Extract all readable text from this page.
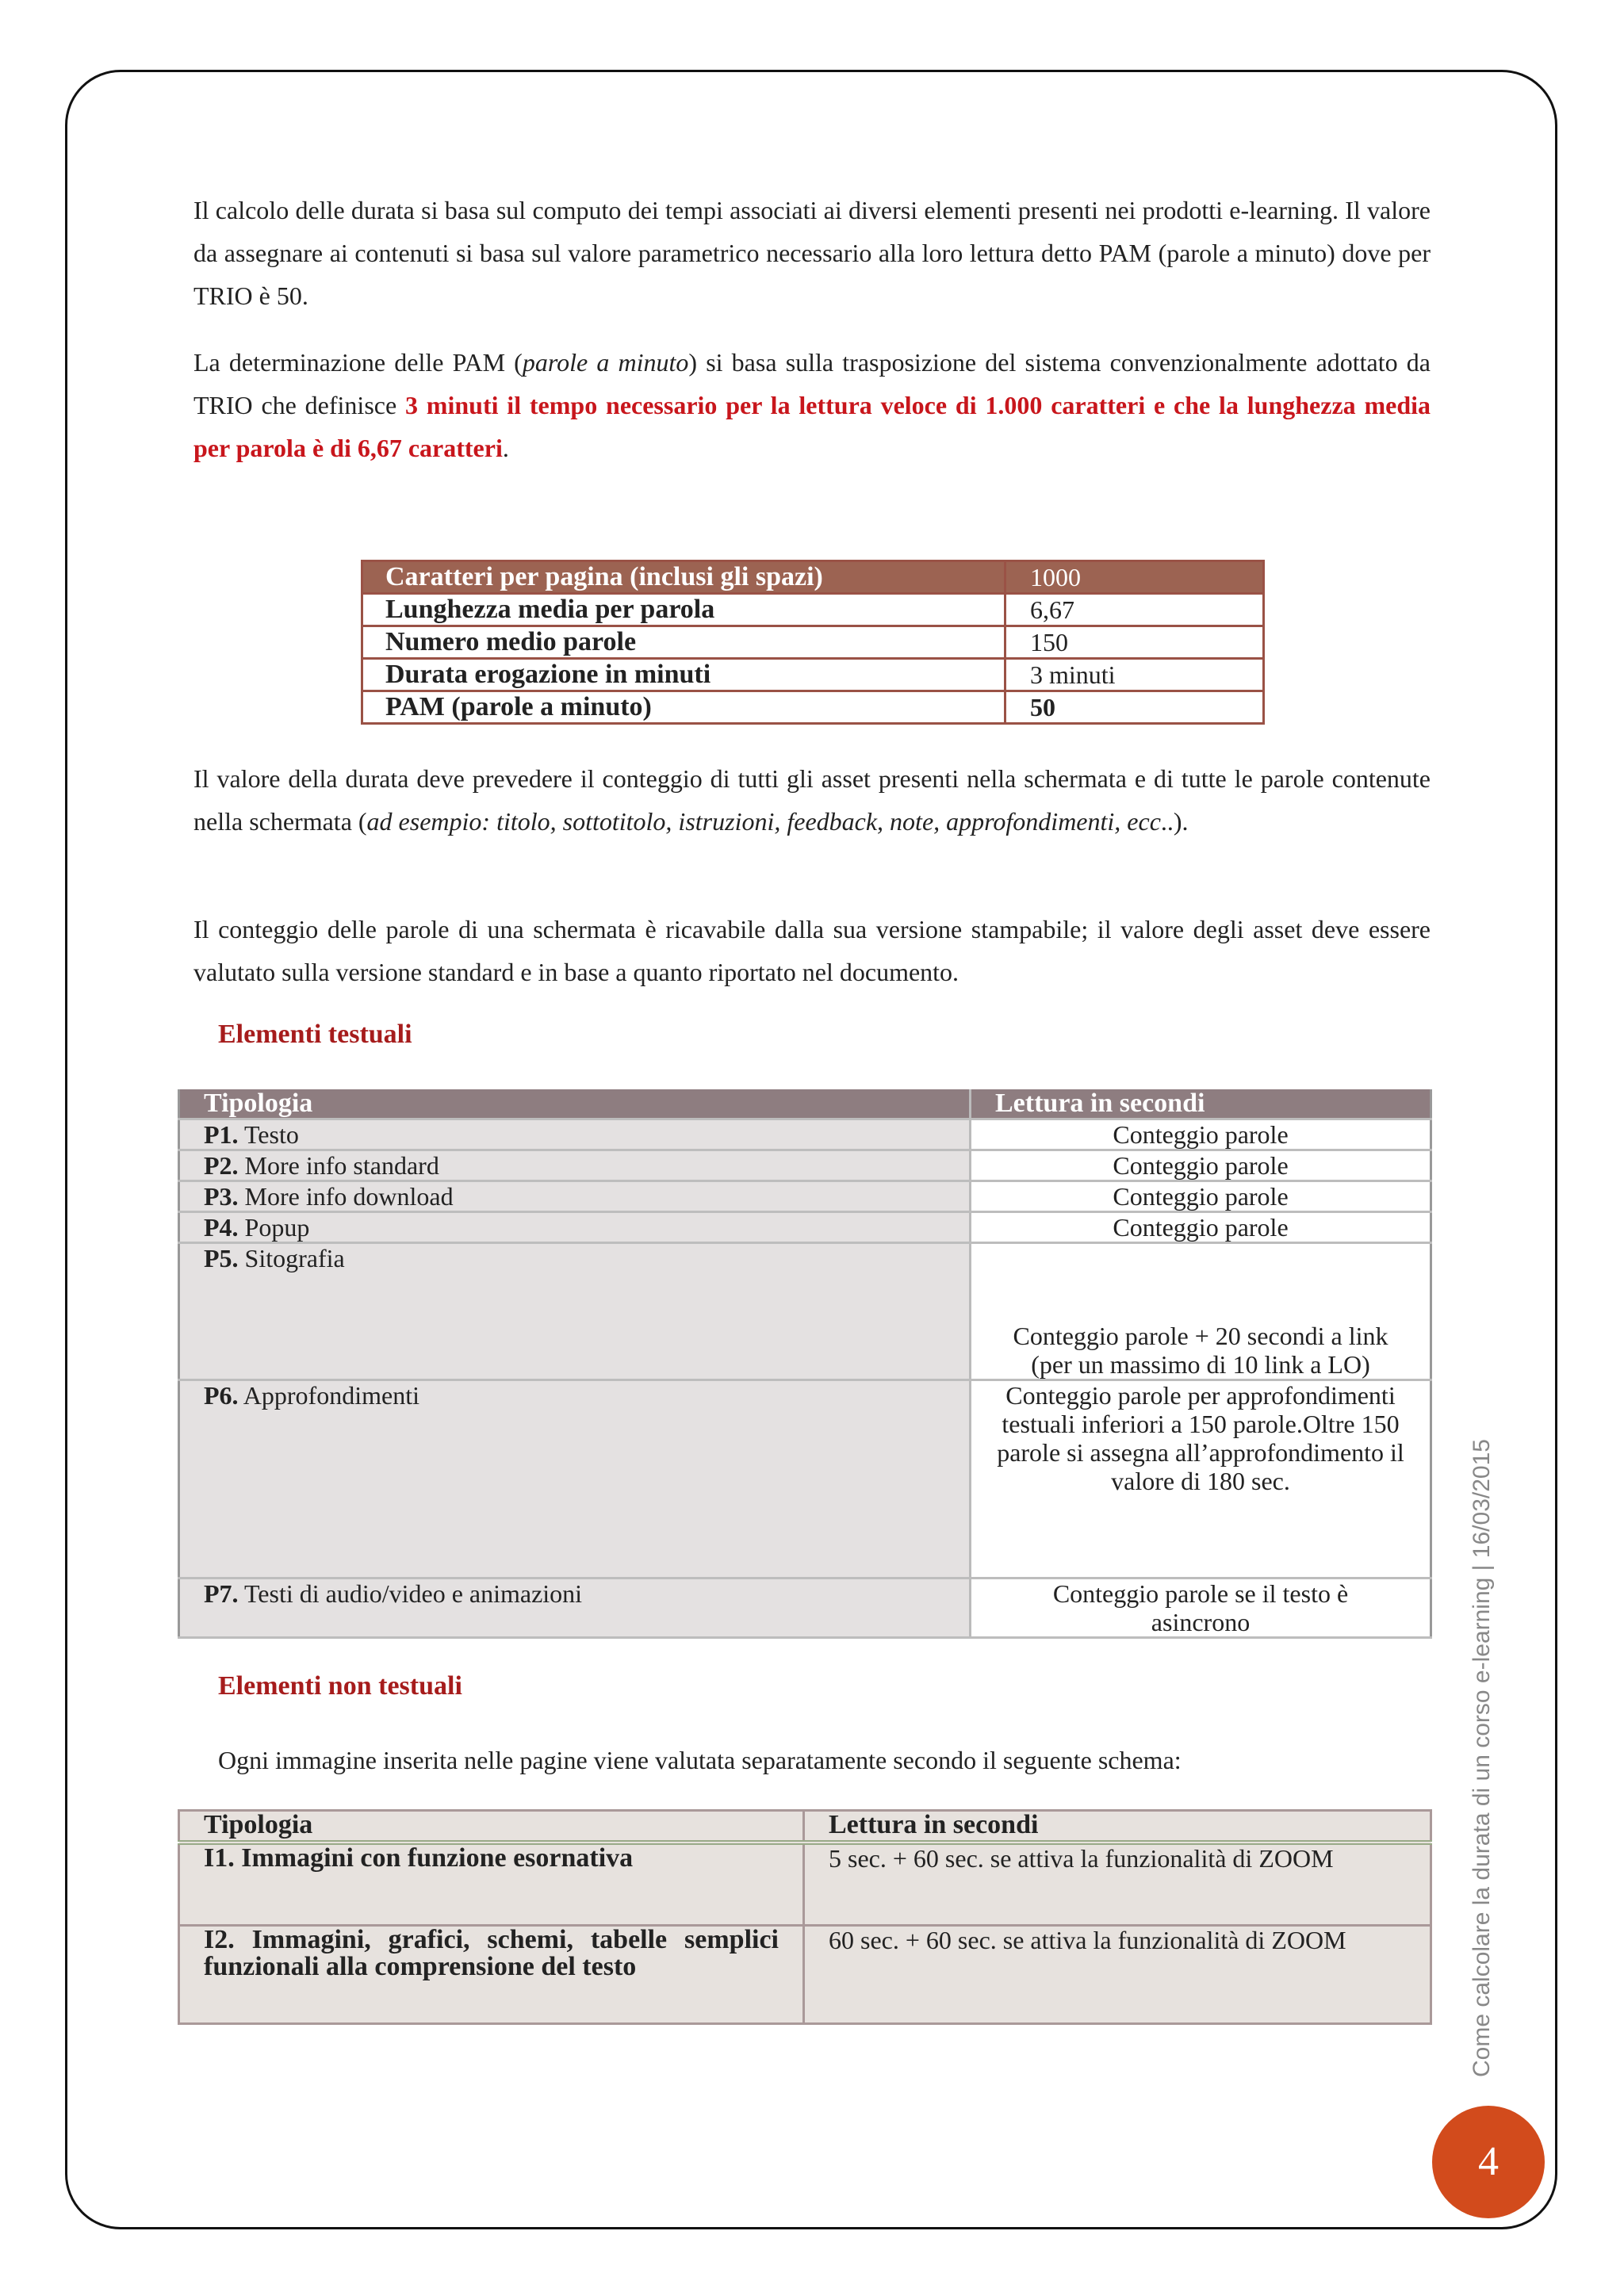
Il calcolo delle durata si basa sul computo dei tempi associati ai diversi elementi presenti nei prodotti e-learning. Il valore da assegnare ai contenuti si basa sul valore parametrico necessario alla loro lettura detto PAM (parole a minuto) dove per TRIO è 50.

La determinazione delle PAM (parole a minuto) si basa sulla trasposizione del sistema convenzionalmente adottato da TRIO che definisce 3 minuti il tempo necessario per la lettura veloce di 1.000 caratteri e che la lunghezza media per parola è di 6,67 caratteri.

Caratteri per pagina (inclusi gli spazi)	1000
Lunghezza media per parola	6,67
Numero medio parole	150
Durata erogazione in minuti	3 minuti
PAM (parole a minuto)	50

Il valore della durata deve prevedere il conteggio di tutti gli asset presenti nella schermata e di tutte le parole contenute nella schermata (ad esempio: titolo, sottotitolo, istruzioni, feedback, note, approfondimenti, ecc..).

Il conteggio delle parole di una schermata è ricavabile dalla sua versione stampabile; il valore degli asset deve essere valutato sulla versione standard e in base a quanto riportato nel documento.

Elementi testuali
Tipologia	Lettura in secondi
P1. Testo	Conteggio parole
P2. More info standard	Conteggio parole
P3. More info download	Conteggio parole
P4. Popup	Conteggio parole
P5. Sitografia	Conteggio parole + 20 secondi a link (per un massimo di 10 link a LO)
P6. Approfondimenti	Conteggio parole per approfondimenti testuali inferiori a 150 parole.Oltre 150 parole si assegna all’approfondimento il valore di 180 sec.
P7. Testi di audio/video e animazioni	Conteggio parole se il testo è asincrono
Elementi non testuali

Ogni immagine inserita nelle pagine viene valutata separatamente secondo il seguente schema:

Tipologia	Lettura in secondi
I1. Immagini con funzione esornativa	5 sec. + 60 sec. se attiva la funzionalità di ZOOM
I2. Immagini, grafici, schemi, tabelle semplici funzionali alla comprensione del testo	60 sec. + 60 sec. se attiva la funzionalità di ZOOM	Come calcolare la durata di un corso e-learning | 16/03/2015
4
